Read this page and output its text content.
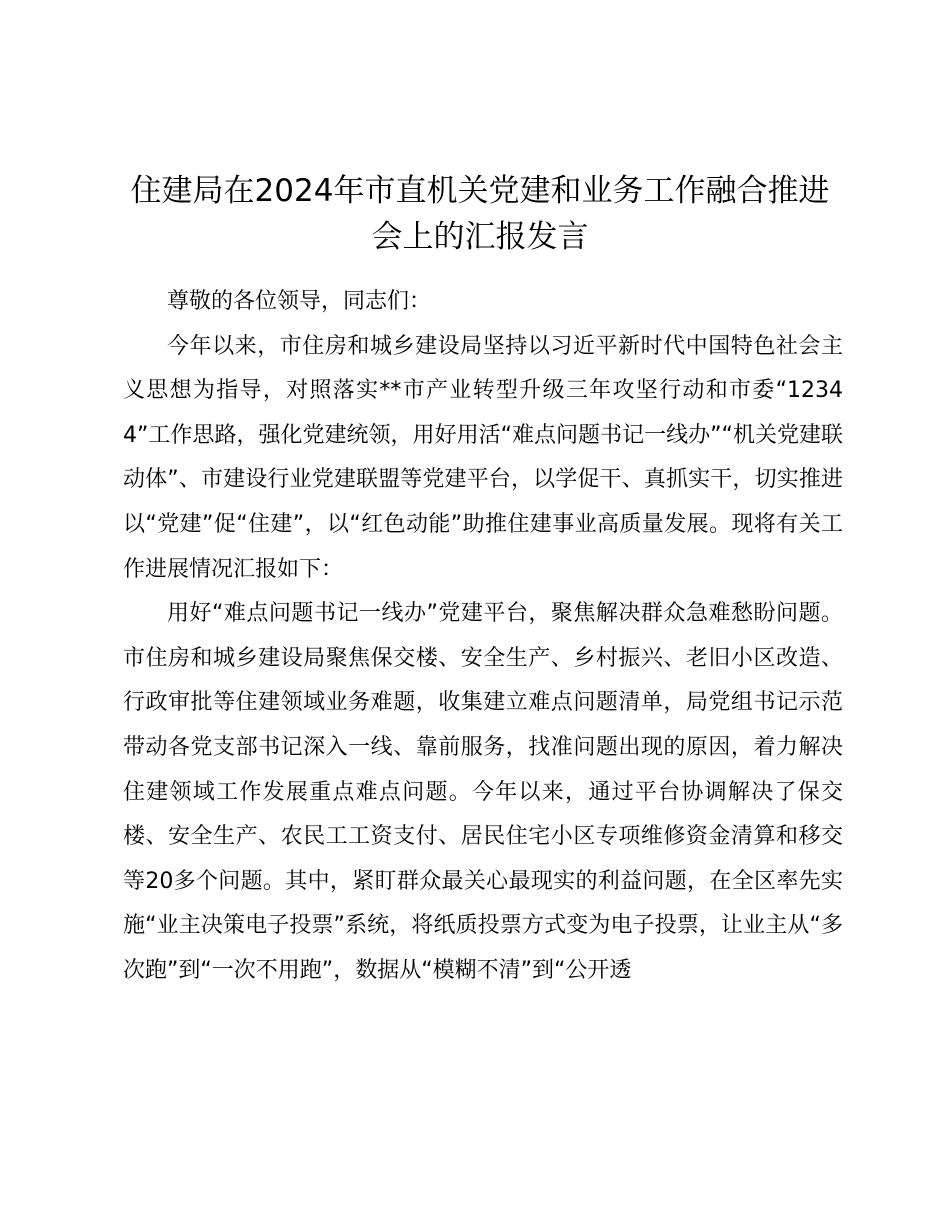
住建局在2024年市直机关党建和业务工作融合推进会上的汇报发言

尊敬的各位领导，同志们：

今年以来，市住房和城乡建设局坚持以习近平新时代中国特色社会主义思想为指导，对照落实**市产业转型升级三年攻坚行动和市委“12344”工作思路，强化党建统领，用好用活“难点问题书记一线办”“机关党建联动体”、市建设行业党建联盟等党建平台，以学促干、真抓实干，切实推进以“党建”促“住建”，以“红色动能”助推住建事业高质量发展。现将有关工作进展情况汇报如下：

用好“难点问题书记一线办”党建平台，聚焦解决群众急难愁盼问题。市住房和城乡建设局聚焦保交楼、安全生产、乡村振兴、老旧小区改造、行政审批等住建领域业务难题，收集建立难点问题清单，局党组书记示范带动各党支部书记深入一线、靠前服务，找准问题出现的原因，着力解决住建领域工作发展重点难点问题。今年以来，通过平台协调解决了保交楼、安全生产、农民工工资支付、居民住宅小区专项维修资金清算和移交等20多个问题。其中，紧盯群众最关心最现实的利益问题，在全区率先实施“业主决策电子投票”系统，将纸质投票方式变为电子投票，让业主从“多次跑”到“一次不用跑”，数据从“模糊不清”到“公开透
